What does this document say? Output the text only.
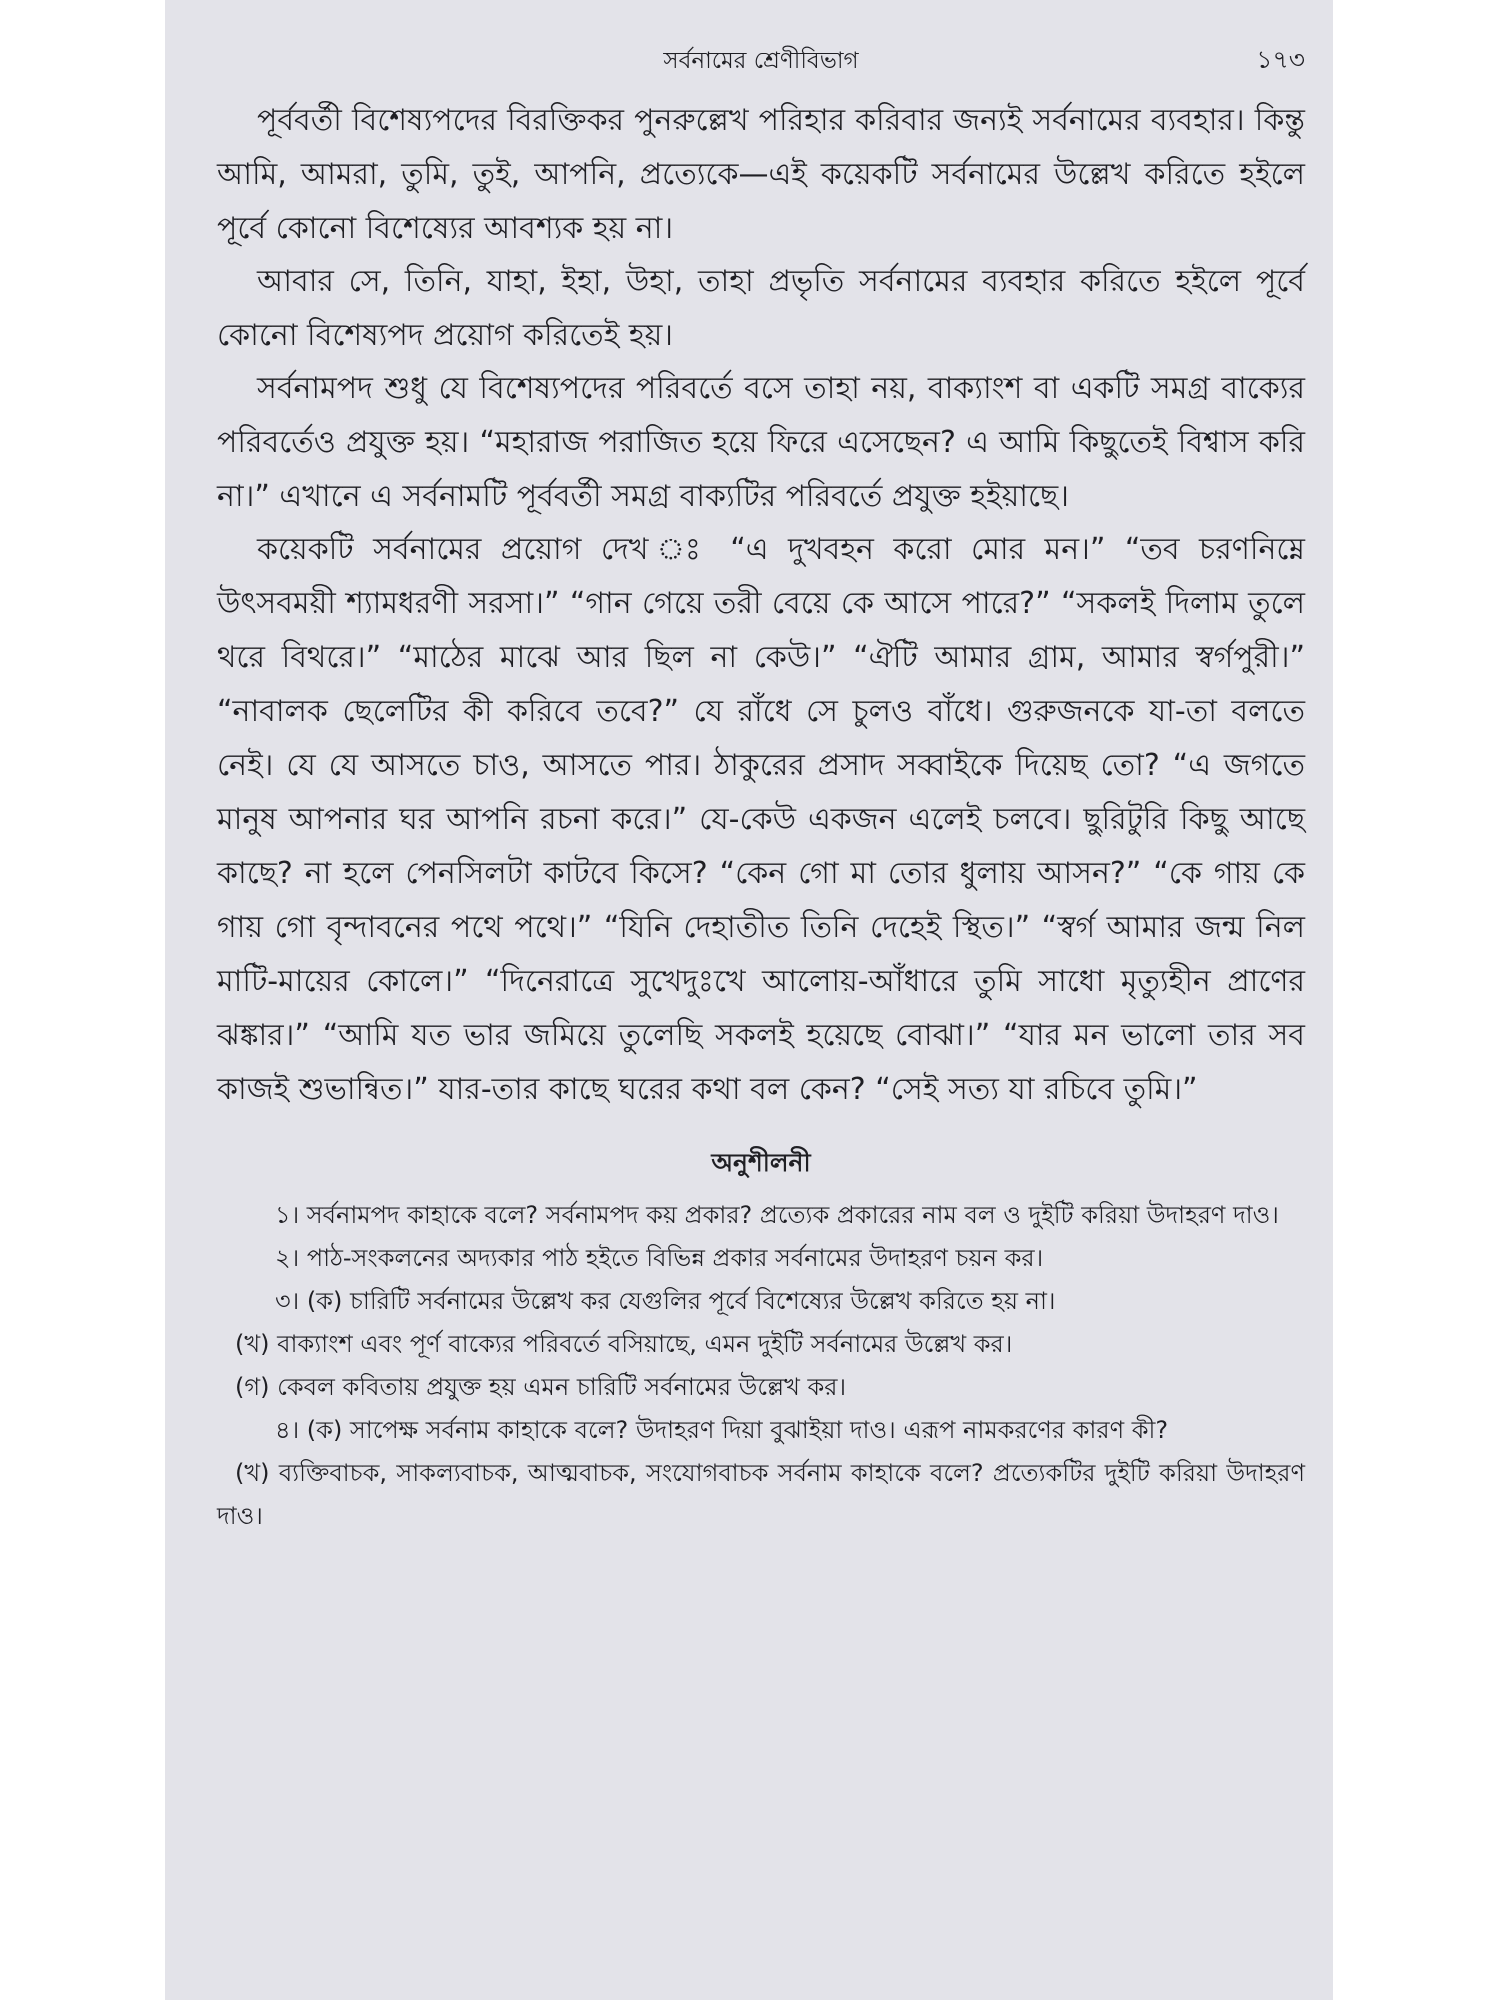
সর্বনামের শ্রেণীবিভাগ	১৭৩

পূর্ববর্তী বিশেষ্যপদের বিরক্তিকর পুনরুল্লেখ পরিহার করিবার জন্যই সর্বনামের ব্যবহার। কিন্তু আমি, আমরা, তুমি, তুই, আপনি, প্রত্যেকে—এই কয়েকটি সর্বনামের উল্লেখ করিতে হইলে পূর্বে কোনো বিশেষ্যের আবশ্যক হয় না।

আবার সে, তিনি, যাহা, ইহা, উহা, তাহা প্রভৃতি সর্বনামের ব্যবহার করিতে হইলে পূর্বে কোনো বিশেষ্যপদ প্রয়োগ করিতেই হয়।

সর্বনামপদ শুধু যে বিশেষ্যপদের পরিবর্তে বসে তাহা নয়, বাক্যাংশ বা একটি সমগ্র বাক্যের পরিবর্তেও প্রযুক্ত হয়। “মহারাজ পরাজিত হয়ে ফিরে এসেছেন? এ আমি কিছুতেই বিশ্বাস করি না।” এখানে এ সর্বনামটি পূর্ববর্তী সমগ্র বাক্যটির পরিবর্তে প্রযুক্ত হইয়াছে।

কয়েকটি সর্বনামের প্রয়োগ দেখ ঃ “এ দুখবহন করো মোর মন।” “তব চরণনিম্নে উৎসবময়ী শ্যামধরণী সরসা।” “গান গেয়ে তরী বেয়ে কে আসে পারে?” “সকলই দিলাম তুলে থরে বিথরে।” “মাঠের মাঝে আর ছিল না কেউ।” “ঐটি আমার গ্রাম, আমার স্বর্গপুরী।” “নাবালক ছেলেটির কী করিবে তবে?” যে রাঁধে সে চুলও বাঁধে। গুরুজনকে যা-তা বলতে নেই। যে যে আসতে চাও, আসতে পার। ঠাকুরের প্রসাদ সব্বাইকে দিয়েছ তো? “এ জগতে মানুষ আপনার ঘর আপনি রচনা করে।” যে-কেউ একজন এলেই চলবে। ছুরিটুরি কিছু আছে কাছে? না হলে পেনসিলটা কাটবে কিসে? “কেন গো মা তোর ধুলায় আসন?” “কে গায় কে গায় গো বৃন্দাবনের পথে পথে।” “যিনি দেহাতীত তিনি দেহেই স্থিত।” “স্বর্গ আমার জন্ম নিল মাটি-মায়ের কোলে।” “দিনেরাত্রে সুখেদুঃখে আলোয়-আঁধারে তুমি সাধো মৃত্যুহীন প্রাণের ঝঙ্কার।” “আমি যত ভার জমিয়ে তুলেছি সকলই হয়েছে বোঝা।” “যার মন ভালো তার সব কাজই শুভান্বিত।” যার-তার কাছে ঘরের কথা বল কেন? “সেই সত্য যা রচিবে তুমি।”

অনুশীলনী

১। সর্বনামপদ কাহাকে বলে? সর্বনামপদ কয় প্রকার? প্রত্যেক প্রকারের নাম বল ও দুইটি করিয়া উদাহরণ দাও।

২। পাঠ-সংকলনের অদ্যকার পাঠ হইতে বিভিন্ন প্রকার সর্বনামের উদাহরণ চয়ন কর।

৩। (ক) চারিটি সর্বনামের উল্লেখ কর যেগুলির পূর্বে বিশেষ্যের উল্লেখ করিতে হয় না।

(খ) বাক্যাংশ এবং পূর্ণ বাক্যের পরিবর্তে বসিয়াছে, এমন দুইটি সর্বনামের উল্লেখ কর।

(গ) কেবল কবিতায় প্রযুক্ত হয় এমন চারিটি সর্বনামের উল্লেখ কর।

৪। (ক) সাপেক্ষ সর্বনাম কাহাকে বলে? উদাহরণ দিয়া বুঝাইয়া দাও। এরূপ নামকরণের কারণ কী?

(খ) ব্যক্তিবাচক, সাকল্যবাচক, আত্মবাচক, সংযোগবাচক সর্বনাম কাহাকে বলে? প্রত্যেকটির দুইটি করিয়া উদাহরণ দাও।
